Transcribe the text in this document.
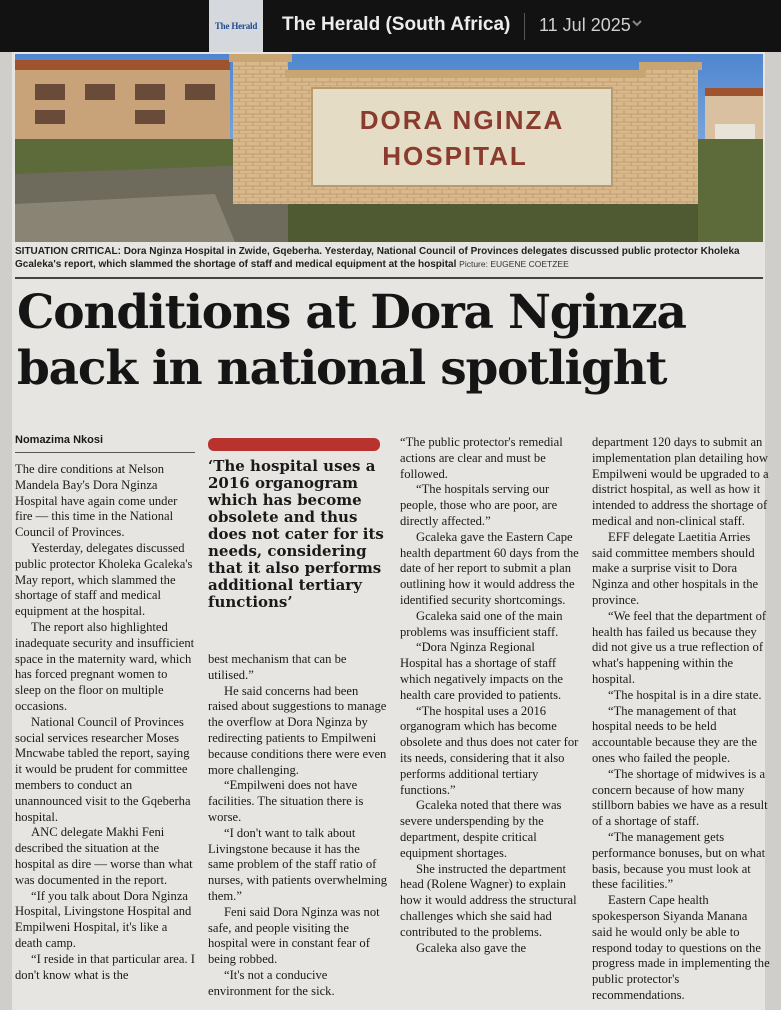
The Herald The Herald (South Africa) 11 Jul 2025
DORA NGINZA
HOSPITAL
SITUATION CRITICAL: Dora Nginza Hospital in Zwide, Gqeberha. Yesterday, National Council of Provinces delegates discussed public protector Kholeka Gcaleka's report, which slammed the shortage of staff and medical equipment at the hospital Picture: EUGENE COETZEE
Conditions at Dora Nginza
back in national spotlight
Nomazima Nkosi

The dire conditions at Nelson Mandela Bay's Dora Nginza Hospital have again come under fire — this time in the National Council of Provinces.

Yesterday, delegates discussed public protector Kholeka Gcaleka's May report, which slammed the shortage of staff and medical equipment at the hospital.

The report also highlighted inadequate security and insufficient space in the maternity ward, which has forced pregnant women to sleep on the floor on multiple occasions.

National Council of Provinces social services researcher Moses Mncwabe tabled the report, saying it would be prudent for committee members to conduct an unannounced visit to the Gqeberha hospital.

ANC delegate Makhi Feni described the situation at the hospital as dire — worse than what was documented in the report.

“If you talk about Dora Nginza Hospital, Livingstone Hospital and Empilweni Hospital, it's like a death camp.

“I reside in that particular area. I don't know what is the

‘The hospital uses a 2016 organogram which has become obsolete and thus does not cater for its needs, considering that it also performs additional tertiary functions’

best mechanism that can be utilised.”

He said concerns had been raised about suggestions to manage the overflow at Dora Nginza by redirecting patients to Empilweni because conditions there were even more challenging.

“Empilweni does not have facilities. The situation there is worse.

“I don't want to talk about Livingstone because it has the same problem of the staff ratio of nurses, with patients overwhelming them.”

Feni said Dora Nginza was not safe, and people visiting the hospital were in constant fear of being robbed.

“It's not a conducive environment for the sick.

“The public protector's remedial actions are clear and must be followed.

“The hospitals serving our people, those who are poor, are directly affected.”

Gcaleka gave the Eastern Cape health department 60 days from the date of her report to submit a plan outlining how it would address the identified security shortcomings.

Gcaleka said one of the main problems was insufficient staff.

“Dora Nginza Regional Hospital has a shortage of staff which negatively impacts on the health care provided to patients.

“The hospital uses a 2016 organogram which has become obsolete and thus does not cater for its needs, considering that it also performs additional tertiary functions.”

Gcaleka noted that there was severe underspending by the department, despite critical equipment shortages.

She instructed the department head (Rolene Wagner) to explain how it would address the structural challenges which she said had contributed to the problems.

Gcaleka also gave the

department 120 days to submit an implementation plan detailing how Empilweni would be upgraded to a district hospital, as well as how it intended to address the shortage of medical and non-clinical staff.

EFF delegate Laetitia Arries said committee members should make a surprise visit to Dora Nginza and other hospitals in the province.

“We feel that the department of health has failed us because they did not give us a true reflection of what's happening within the hospital.

“The hospital is in a dire state.

“The management of that hospital needs to be held accountable because they are the ones who failed the people.

“The shortage of midwives is a concern because of how many stillborn babies we have as a result of a shortage of staff.

“The management gets performance bonuses, but on what basis, because you must look at these facilities.”

Eastern Cape health spokesperson Siyanda Manana said he would only be able to respond today to questions on the progress made in implementing the public protector's recommendations.
